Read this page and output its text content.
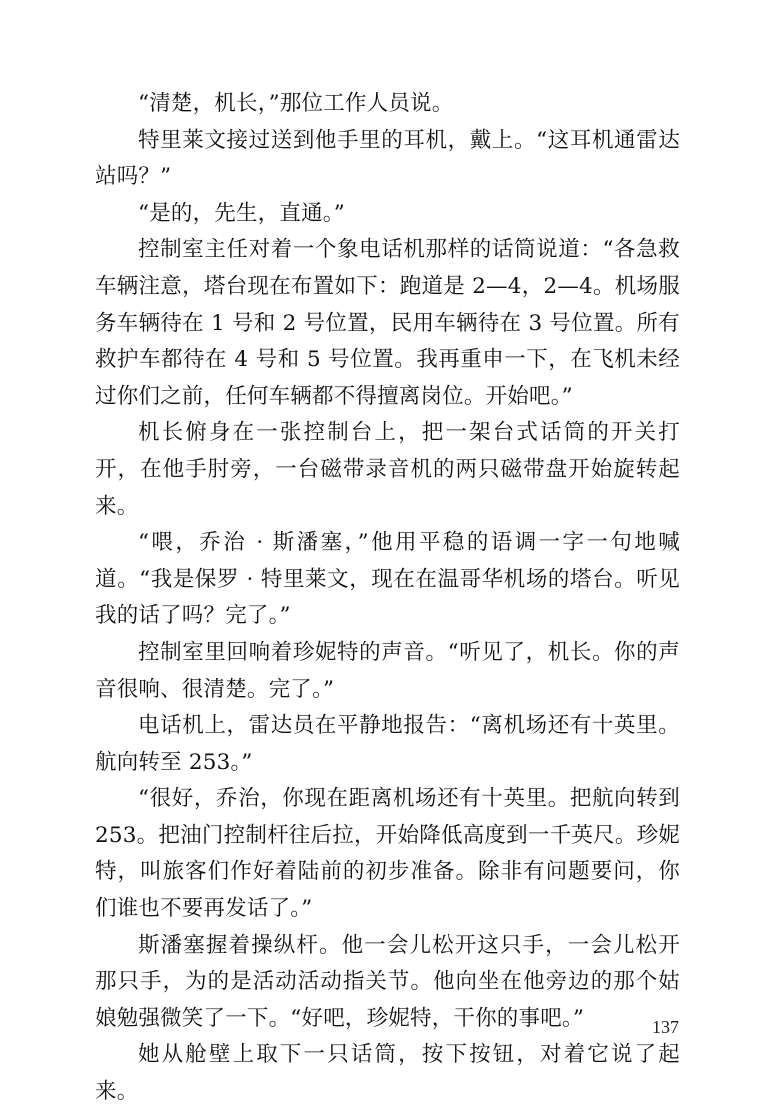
“清楚，机长，”那位工作人员说。

特里莱文接过送到他手里的耳机，戴上。“这耳机通雷达站吗？”

“是的，先生，直通。”

控制室主任对着一个象电话机那样的话筒说道：“各急救车辆注意，塔台现在布置如下：跑道是 2—4，2—4。机场服务车辆待在 1 号和 2 号位置，民用车辆待在 3 号位置。所有救护车都待在 4 号和 5 号位置。我再重申一下，在飞机未经过你们之前，任何车辆都不得擅离岗位。开始吧。”

机长俯身在一张控制台上，把一架台式话筒的开关打开，在他手肘旁，一台磁带录音机的两只磁带盘开始旋转起来。

“喂，乔治 · 斯潘塞，”他用平稳的语调一字一句地喊道。“我是保罗 · 特里莱文，现在在温哥华机场的塔台。听见我的话了吗？完了。”

控制室里回响着珍妮特的声音。“听见了，机长。你的声音很响、很清楚。完了。”

电话机上，雷达员在平静地报告：“离机场还有十英里。航向转至 253。”

“很好，乔治，你现在距离机场还有十英里。把航向转到 253。把油门控制杆往后拉，开始降低高度到一千英尺。珍妮特，叫旅客们作好着陆前的初步准备。除非有问题要问，你们谁也不要再发话了。”

斯潘塞握着操纵杆。他一会儿松开这只手，一会儿松开那只手，为的是活动活动指关节。他向坐在他旁边的那个姑娘勉强微笑了一下。“好吧，珍妮特，干你的事吧。”

她从舱壁上取下一只话筒，按下按钮，对着它说了起来。

137
